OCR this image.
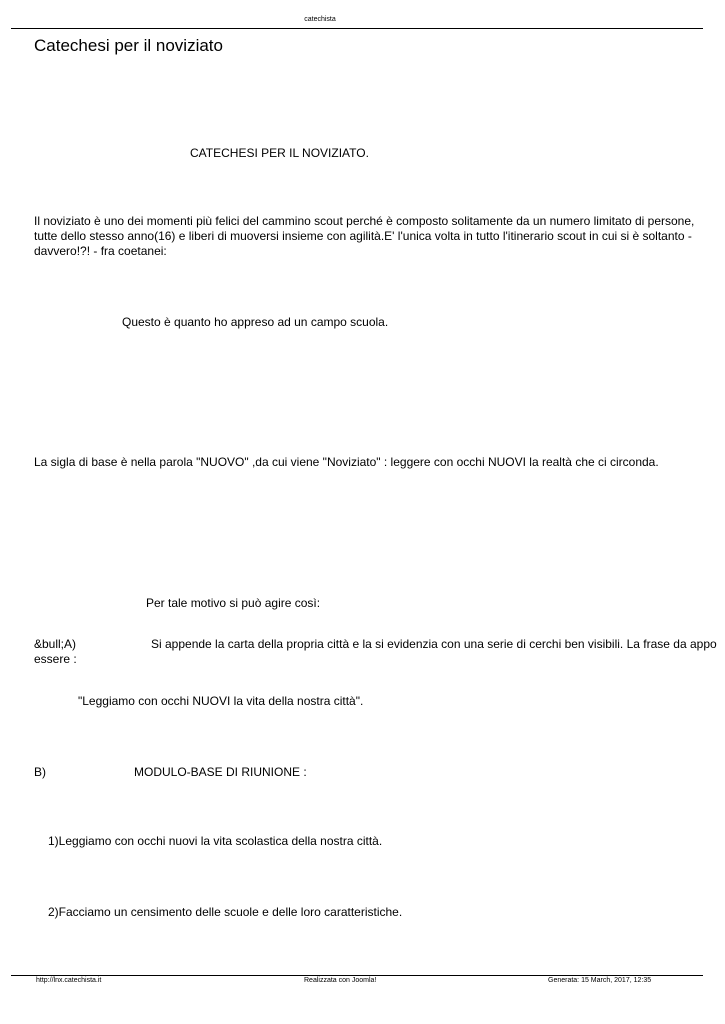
catechista
Catechesi per il noviziato
CATECHESI PER IL NOVIZIATO.
Il noviziato è uno dei momenti più felici del cammino scout perché è composto solitamente da un numero limitato di persone, tutte dello stesso anno(16) e liberi di muoversi insieme con agilità.E' l'unica volta in tutto l'itinerario scout in cui si è soltanto - davvero!?! - fra coetanei:
Questo è quanto ho appreso ad un campo scuola.
La sigla di base è nella parola "NUOVO" ,da cui viene "Noviziato" : leggere con occhi NUOVI la realtà che ci circonda.
Per tale motivo si può agire così:
&bull;A)	Si appende la carta della propria città e la si evidenzia con una serie di cerchi ben visibili. La frase da appo
essere :
"Leggiamo con occhi NUOVI la vita della nostra città".
B)	MODULO-BASE DI RIUNIONE :
1)Leggiamo con occhi nuovi la vita scolastica della nostra città.
2)Facciamo un censimento delle scuole e delle loro caratteristiche.
http://lnx.catechista.it	Realizzata con Joomla!	Generata: 15 March, 2017, 12:35
